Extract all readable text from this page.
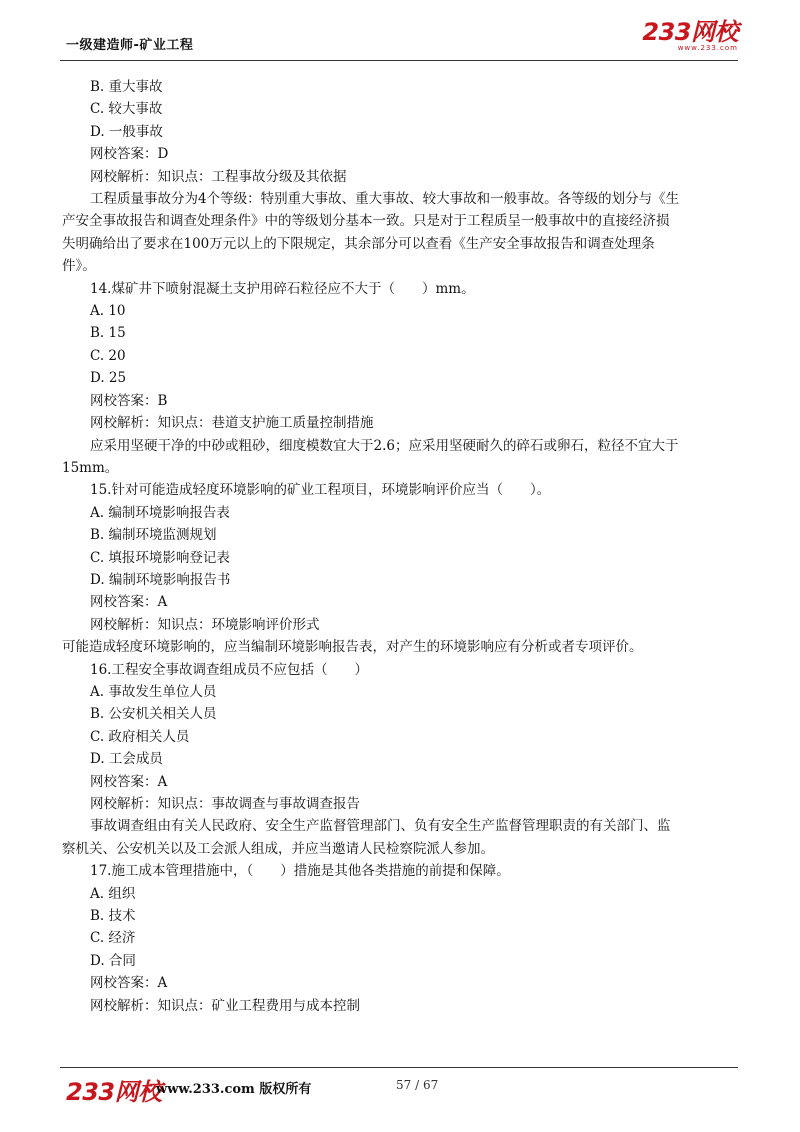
一级建造师-矿业工程	233网校
www.233.com
B. 重大事故
C. 较大事故
D. 一般事故
网校答案：D
网校解析：知识点：工程事故分级及其依据
工程质量事故分为4个等级：特别重大事故、重大事故、较大事故和一般事故。各等级的划分与《生
产安全事故报告和调查处理条件》中的等级划分基本一致。只是对于工程质呈一般事故中的直接经济损
失明确给出了要求在100万元以上的下限规定，其余部分可以查看《生产安全事故报告和调查处理条
件》。
14.煤矿井下喷射混凝土支护用碎石粒径应不大于（　　）mm。
A. 10
B. 15
C. 20
D. 25
网校答案：B
网校解析：知识点：巷道支护施工质量控制措施
应采用坚硬干净的中砂或粗砂，细度模数宜大于2.6；应采用坚硬耐久的碎石或卵石，粒径不宜大于
15mm。
15.针对可能造成轻度环境影响的矿业工程项目，环境影响评价应当（　　）。
A. 编制环境影响报告表
B. 编制环境监测规划
C. 填报环境影响登记表
D. 编制环境影响报告书
网校答案：A
网校解析：知识点：环境影响评价形式
可能造成轻度环境影响的，应当编制环境影响报告表，对产生的环境影响应有分析或者专项评价。
16.工程安全事故调查组成员不应包括（　　）
A. 事故发生单位人员
B. 公安机关相关人员
C. 政府相关人员
D. 工会成员
网校答案：A
网校解析：知识点：事故调查与事故调查报告
事故调查组由有关人民政府、安全生产监督管理部门、负有安全生产监督管理职责的有关部门、监
察机关、公安机关以及工会派人组成，并应当邀请人民检察院派人参加。
17.施工成本管理措施中，（　　）措施是其他各类措施的前提和保障。
A. 组织
B. 技术
C. 经济
D. 合同
网校答案：A
网校解析：知识点：矿业工程费用与成本控制
233网校
www.233.com 版权所有	57 / 67
